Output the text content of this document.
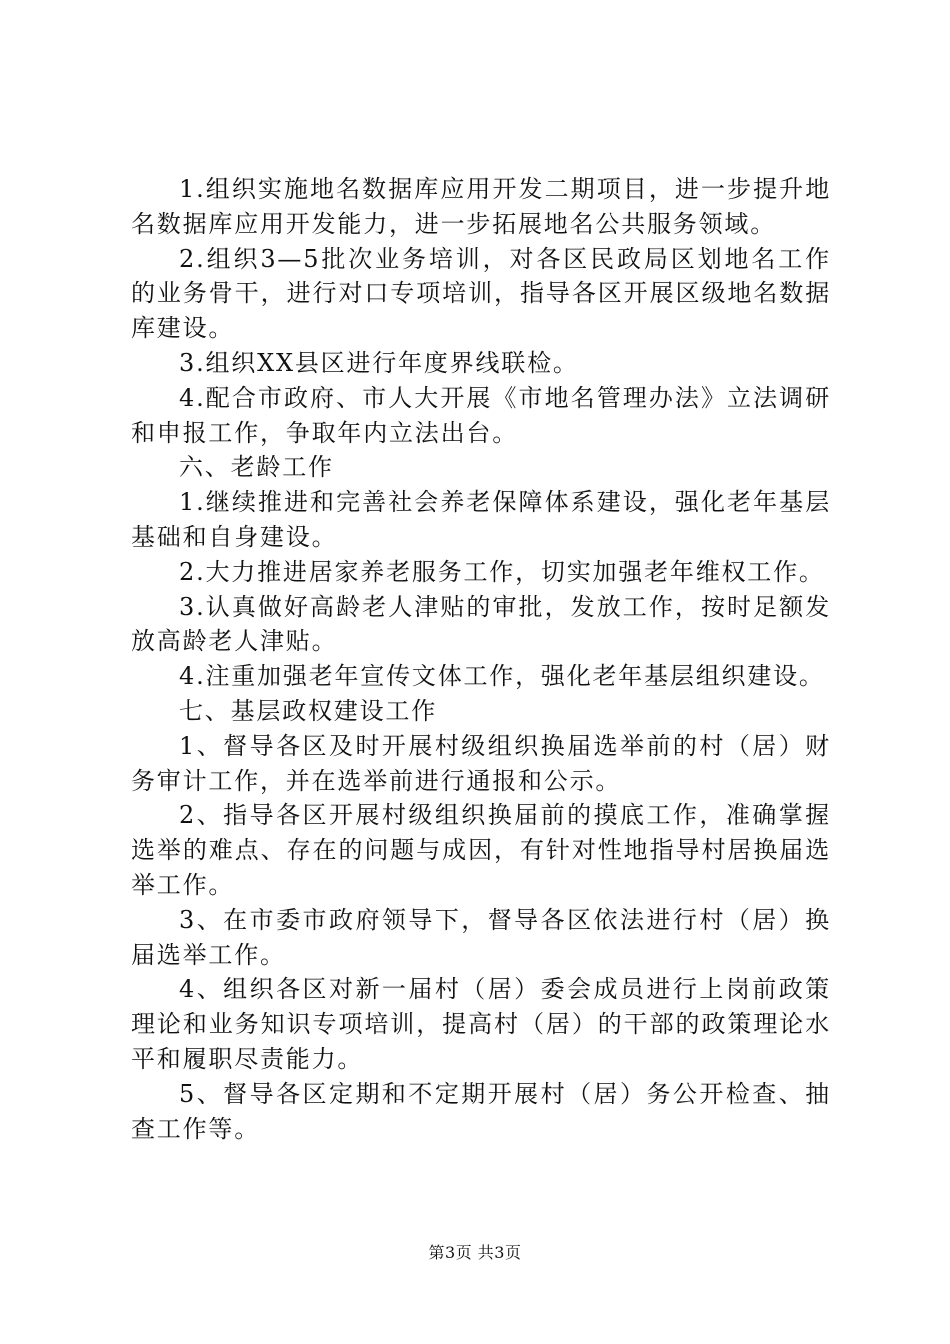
1.组织实施地名数据库应用开发二期项目，进一步提升地名数据库应用开发能力，进一步拓展地名公共服务领域。

2.组织3—5批次业务培训，对各区民政局区划地名工作的业务骨干，进行对口专项培训，指导各区开展区级地名数据库建设。

3.组织XX县区进行年度界线联检。

4.配合市政府、市人大开展《市地名管理办法》立法调研和申报工作，争取年内立法出台。

六、老龄工作

1.继续推进和完善社会养老保障体系建设，强化老年基层基础和自身建设。

2.大力推进居家养老服务工作，切实加强老年维权工作。

3.认真做好高龄老人津贴的审批，发放工作，按时足额发放高龄老人津贴。

4.注重加强老年宣传文体工作，强化老年基层组织建设。

七、基层政权建设工作

1、督导各区及时开展村级组织换届选举前的村（居）财务审计工作，并在选举前进行通报和公示。

2、指导各区开展村级组织换届前的摸底工作，准确掌握选举的难点、存在的问题与成因，有针对性地指导村居换届选举工作。

3、在市委市政府领导下，督导各区依法进行村（居）换届选举工作。

4、组织各区对新一届村（居）委会成员进行上岗前政策理论和业务知识专项培训，提高村（居）的干部的政策理论水平和履职尽责能力。

5、督导各区定期和不定期开展村（居）务公开检查、抽查工作等。

第3页 共3页
